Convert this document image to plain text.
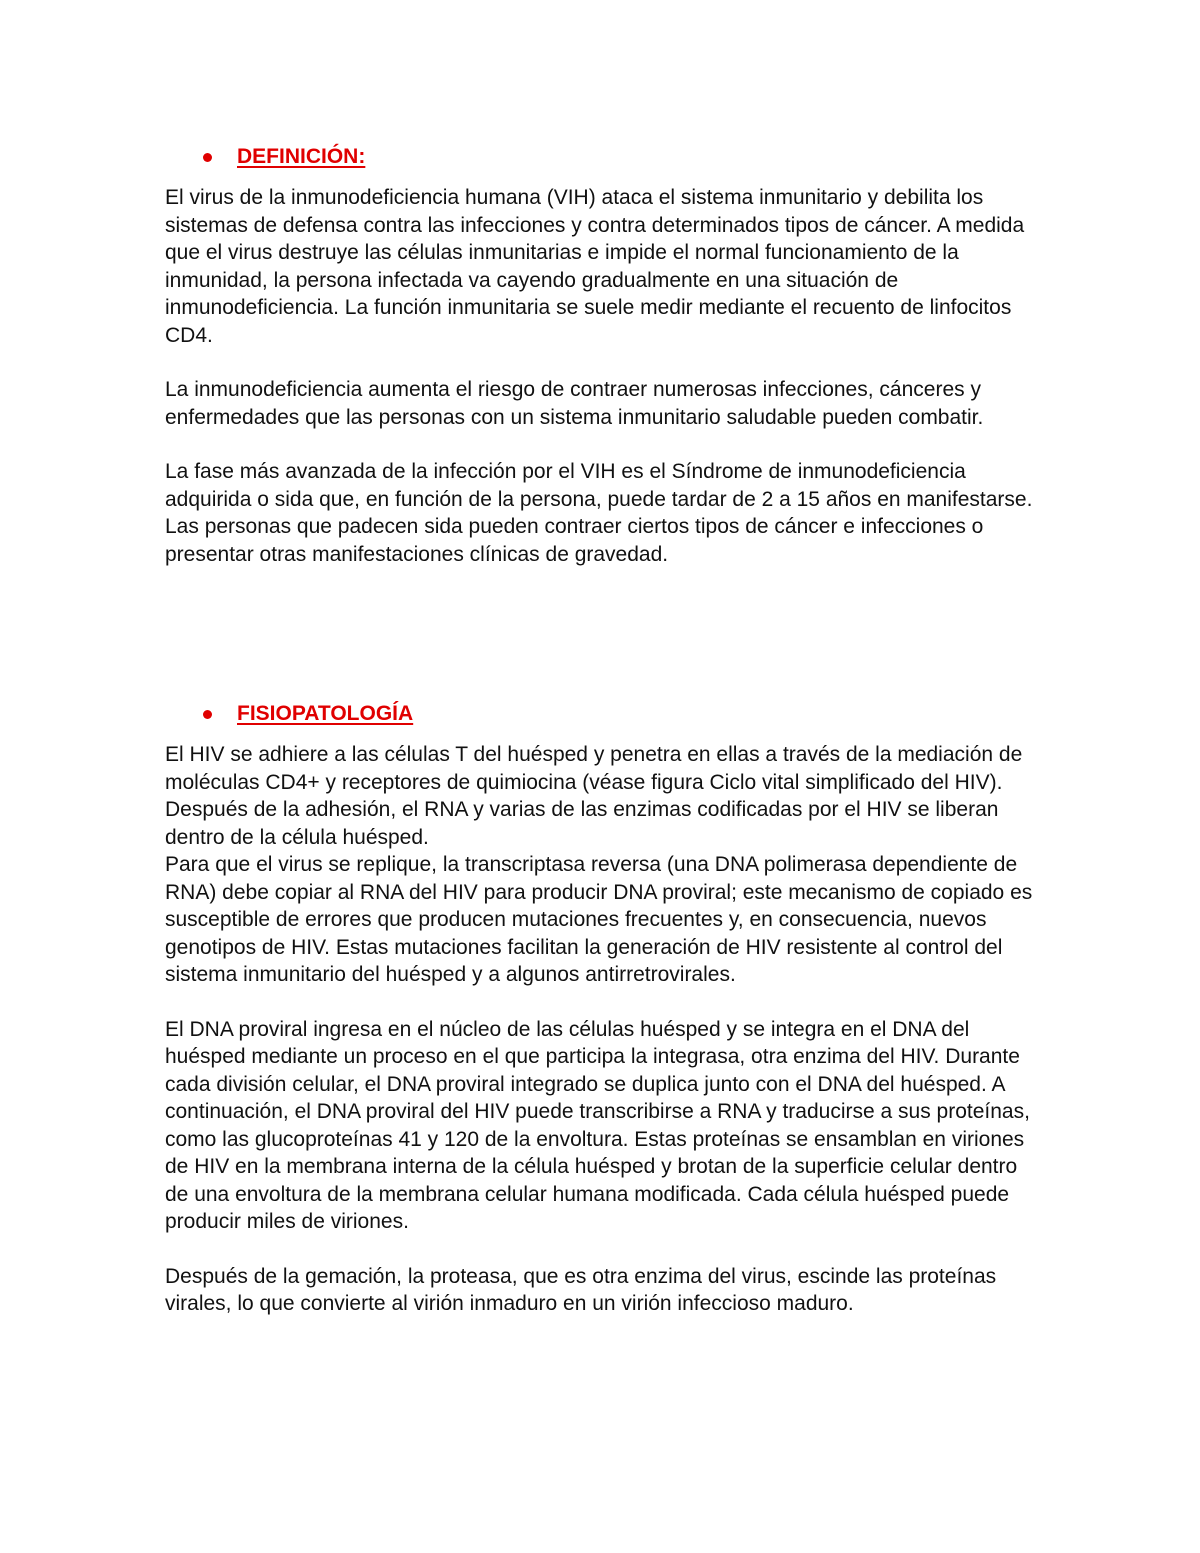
DEFINICIÓN:

El virus de la inmunodeficiencia humana (VIH) ataca el sistema inmunitario y debilita los sistemas de defensa contra las infecciones y contra determinados tipos de cáncer. A medida que el virus destruye las células inmunitarias e impide el normal funcionamiento de la inmunidad, la persona infectada va cayendo gradualmente en una situación de inmunodeficiencia. La función inmunitaria se suele medir mediante el recuento de linfocitos CD4.

La inmunodeficiencia aumenta el riesgo de contraer numerosas infecciones, cánceres y enfermedades que las personas con un sistema inmunitario saludable pueden combatir.

La fase más avanzada de la infección por el VIH es el Síndrome de inmunodeficiencia adquirida o sida que, en función de la persona, puede tardar de 2 a 15 años en manifestarse. Las personas que padecen sida pueden contraer ciertos tipos de cáncer e infecciones o presentar otras manifestaciones clínicas de gravedad.

FISIOPATOLOGÍA

El HIV se adhiere a las células T del huésped y penetra en ellas a través de la mediación de moléculas CD4+ y receptores de quimiocina (véase figura Ciclo vital simplificado del HIV). Después de la adhesión, el RNA y varias de las enzimas codificadas por el HIV se liberan dentro de la célula huésped.

Para que el virus se replique, la transcriptasa reversa (una DNA polimerasa dependiente de RNA) debe copiar al RNA del HIV para producir DNA proviral; este mecanismo de copiado es susceptible de errores que producen mutaciones frecuentes y, en consecuencia, nuevos genotipos de HIV. Estas mutaciones facilitan la generación de HIV resistente al control del sistema inmunitario del huésped y a algunos antirretrovirales.

El DNA proviral ingresa en el núcleo de las células huésped y se integra en el DNA del huésped mediante un proceso en el que participa la integrasa, otra enzima del HIV. Durante cada división celular, el DNA proviral integrado se duplica junto con el DNA del huésped. A continuación, el DNA proviral del HIV puede transcribirse a RNA y traducirse a sus proteínas, como las glucoproteínas 41 y 120 de la envoltura. Estas proteínas se ensamblan en viriones de HIV en la membrana interna de la célula huésped y brotan de la superficie celular dentro de una envoltura de la membrana celular humana modificada. Cada célula huésped puede producir miles de viriones.

Después de la gemación, la proteasa, que es otra enzima del virus, escinde las proteínas virales, lo que convierte al virión inmaduro en un virión infeccioso maduro.
